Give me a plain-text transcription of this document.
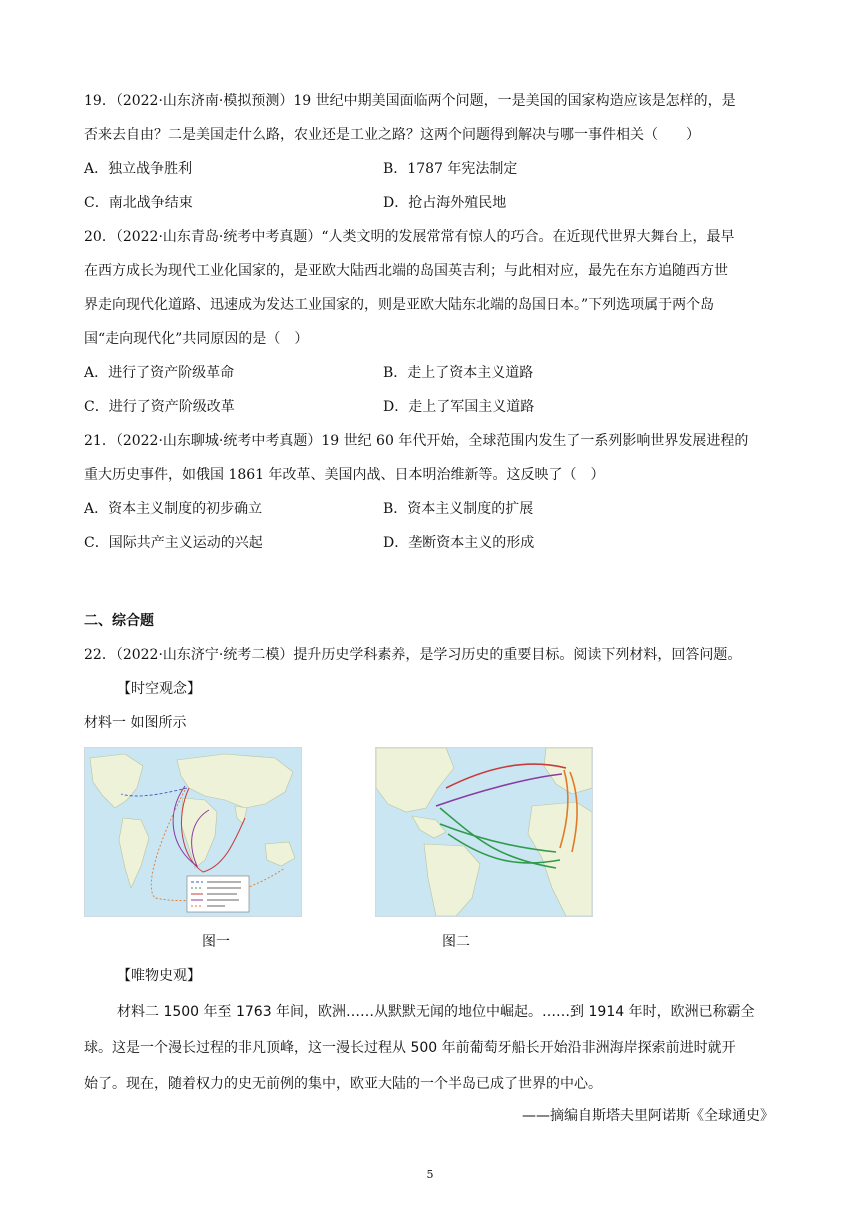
19．（2022·山东济南·模拟预测）19 世纪中期美国面临两个问题，一是美国的国家构造应该是怎样的，是
否来去自由？二是美国走什么路，农业还是工业之路？这两个问题得到解决与哪一事件相关（　　）
A．独立战争胜利	B．1787 年宪法制定
C．南北战争结束	D．抢占海外殖民地
20．（2022·山东青岛·统考中考真题）“人类文明的发展常常有惊人的巧合。在近现代世界大舞台上，最早
在西方成长为现代工业化国家的，是亚欧大陆西北端的岛国英吉利；与此相对应，最先在东方追随西方世
界走向现代化道路、迅速成为发达工业国家的，则是亚欧大陆东北端的岛国日本。”下列选项属于两个岛
国“走向现代化”共同原因的是（　）
A．进行了资产阶级革命	B．走上了资本主义道路
C．进行了资产阶级改革	D．走上了军国主义道路
21．（2022·山东聊城·统考中考真题）19 世纪 60 年代开始，全球范围内发生了一系列影响世界发展进程的
重大历史事件，如俄国 1861 年改革、美国内战、日本明治维新等。这反映了（　）
A．资本主义制度的初步确立	B．资本主义制度的扩展
C．国际共产主义运动的兴起	D．垄断资本主义的形成
二、综合题
22．（2022·山东济宁·统考二模）提升历史学科素养，是学习历史的重要目标。阅读下列材料，回答问题。
【时空观念】
材料一 如图所示
图一	图二
【唯物史观】
材料二 1500 年至 1763 年间，欧洲……从默默无闻的地位中崛起。……到 1914 年时，欧洲已称霸全
球。这是一个漫长过程的非凡顶峰，这一漫长过程从 500 年前葡萄牙船长开始沿非洲海岸探索前进时就开
始了。现在，随着权力的史无前例的集中，欧亚大陆的一个半岛已成了世界的中心。
——摘编自斯塔夫里阿诺斯《全球通史》
5
